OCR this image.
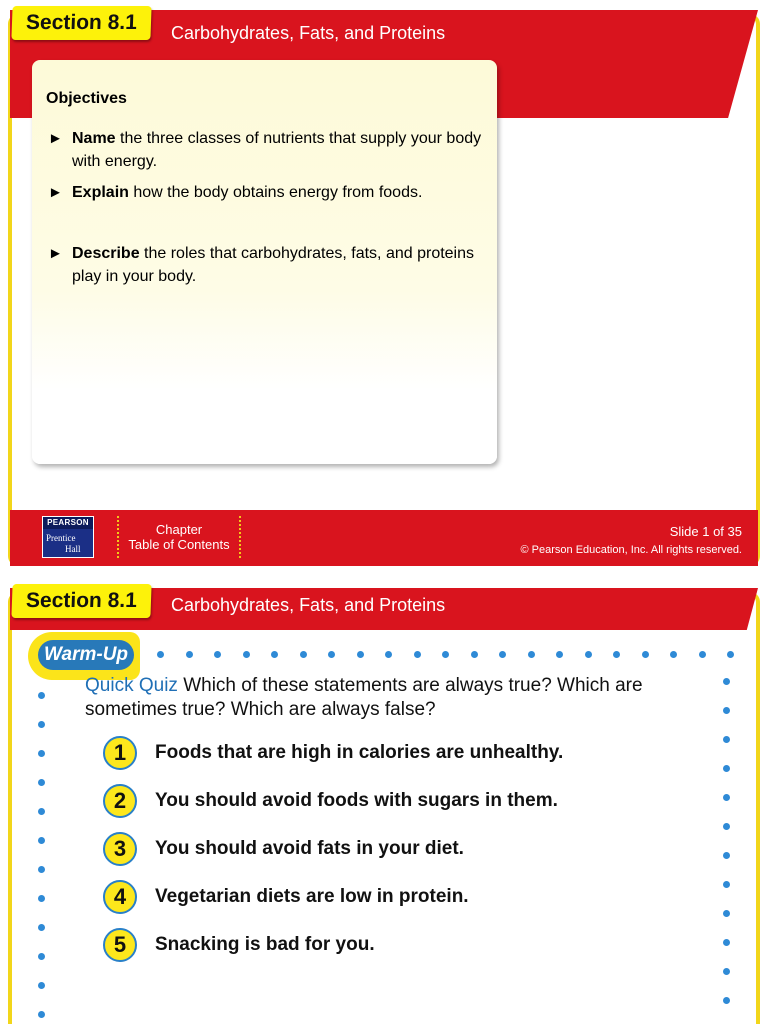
Section 8.1	Carbohydrates, Fats, and Proteins
Objectives
► Name the three classes of nutrients that supply your body with energy.
► Explain how the body obtains energy from foods.
► Describe the roles that carbohydrates, fats, and proteins play in your body.
PEARSON
Prentice
Hall
Chapter
Table of Contents
Slide 1 of 35
© Pearson Education, Inc. All rights reserved.
Section 8.1	Carbohydrates, Fats, and Proteins
Warm-Up
Quick Quiz Which of these statements are always true? Which are sometimes true? Which are always false?
1	Foods that are high in calories are unhealthy.
2	You should avoid foods with sugars in them.
3	You should avoid fats in your diet.
4	Vegetarian diets are low in protein.
5	Snacking is bad for you.
